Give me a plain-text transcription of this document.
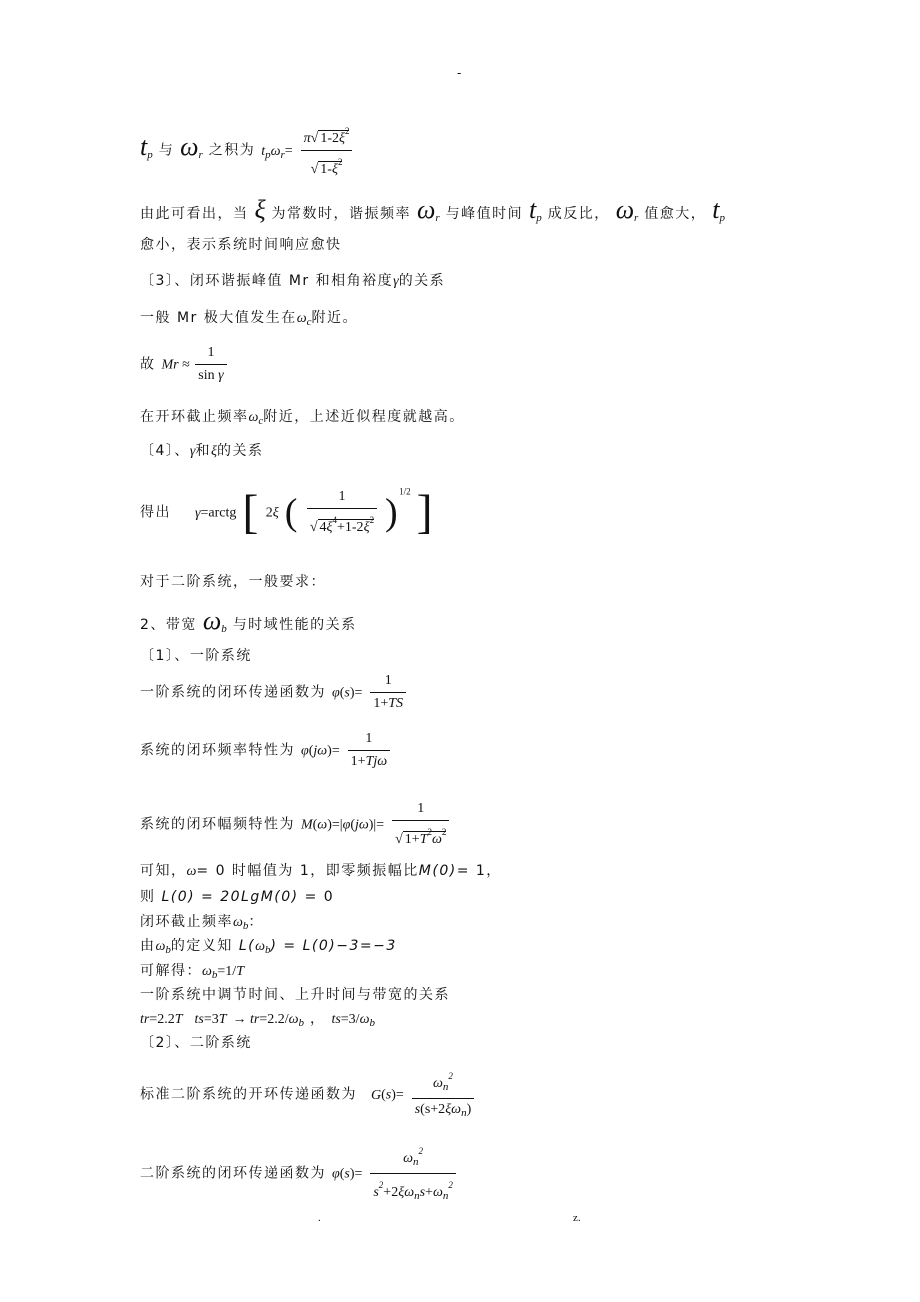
-
$t_p$ 与 $\omega_r$ 之积为 $t_p\omega_r= \frac{\pi√ 1-2\xi^2}{√ 1-\xi^2}$
由此可看出，当 ξ 为常数时，谐振频率 $\omega_r$ 与峰值时间 $t_p$ 成反比， $\omega_r$ 值愈大， $t_p$
愈小，表示系统时间响应愈快
〔3〕、闭环谐振峰值 Mr 和相角裕度γ的关系
一般 Mr 极大值发生在$\omega_c$附近。
故 $Mr \approx \frac{1}{\text{sin γ}}$
在开环截止频率$\omega_c$附近，上述近似程度就越高。
〔4〕、γ和ξ的关系
得出 γ=arctg [ 2ξ ( $\frac{1}{√ 4\xi^4+1-2\xi^2} )^{1/2}$ ]
对于二阶系统，一般要求：
2、带宽 $\omega_b$ 与时域性能的关系
〔1〕、一阶系统
一阶系统的闭环传递函数为 $\varphi(s)= \frac{1}{1+TS}$
系统的闭环频率特性为 $\varphi(j\omega)= \frac{1}{\text{1+Tjω}}$
系统的闭环幅频特性为 $M(\omega)=|\varphi(j\omega)|= \frac{1}{√ 1+T^2\omega^2}$
可知，ω= 0 时幅值为 1，即零频振幅比M(0)= 1，
则 L(0) = 20LgM(0) = 0
闭环截止频率$\omega_b$：
由$\omega_b$的定义知 $L(\omega_b) = L(0)-3=-3$
可解得：$\omega_b=1/T$
一阶系统中调节时间、上升时间与带宽的关系
tr=2.2T $ts=3T \to tr=2.2/\omega_b$ ， $ts=3/\omega_b$
〔2〕、二阶系统
标准二阶系统的开环传递函数为 $G(s)= \frac{\omega_n^2}{s(s+2\xi\omega_n)}$
二阶系统的闭环传递函数为 $\varphi(s)= \frac{\omega_n^2}{s^2+2\xi\omega_ns+\omega_n^2}$
.	z.
